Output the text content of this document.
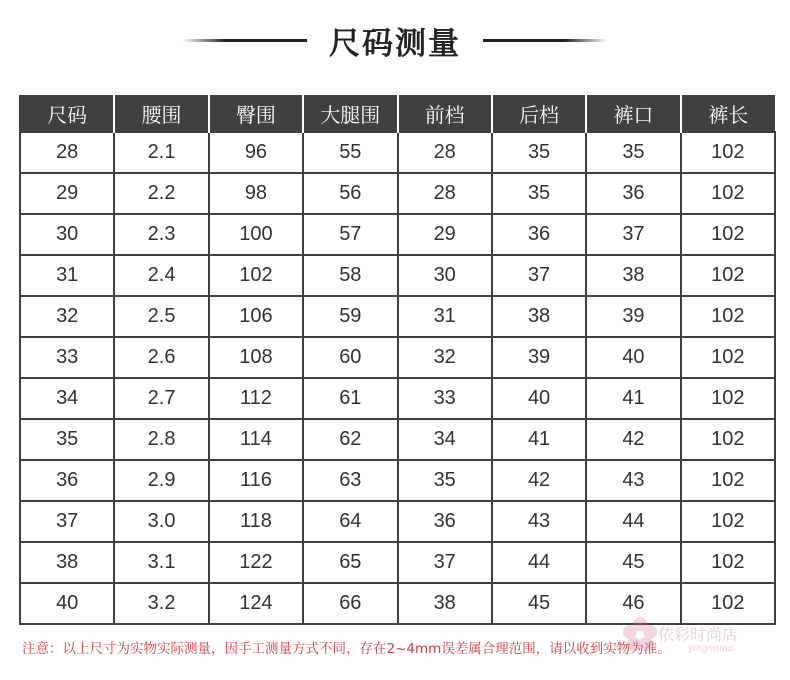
尺码测量
尺码	腰围	臀围	大腿围	前档	后档	裤口	裤长
28	2.1	96	55	28	35	35	102
29	2.2	98	56	28	35	36	102
30	2.3	100	57	29	36	37	102
31	2.4	102	58	30	37	38	102
32	2.5	106	59	31	38	39	102
33	2.6	108	60	32	39	40	102
34	2.7	112	61	33	40	41	102
35	2.8	114	62	34	41	42	102
36	2.9	116	63	35	42	43	102
37	3.0	118	64	36	43	44	102
38	3.1	122	65	37	44	45	102
40	3.2	124	66	38	45	46	102
注意：以上尺寸为实物实际测量，因手工测量方式不同，存在2~4mm误差属合理范围，请以收到实物为准。
依彩时尚店
yingmuna
